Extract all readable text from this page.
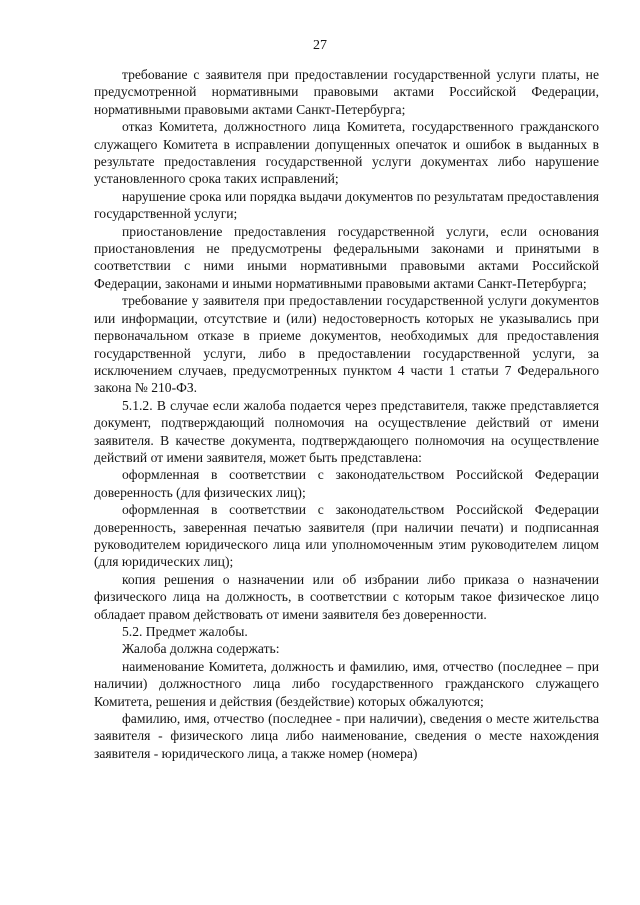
27

требование с заявителя при предоставлении государственной услуги платы, не предусмотренной нормативными правовыми актами Российской Федерации, нормативными правовыми актами Санкт-Петербурга;

отказ Комитета, должностного лица Комитета, государственного гражданского служащего Комитета в исправлении допущенных опечаток и ошибок в выданных в результате предоставления государственной услуги документах либо нарушение установленного срока таких исправлений;

нарушение срока или порядка выдачи документов по результатам предоставления государственной услуги;

приостановление предоставления государственной услуги, если основания приостановления не предусмотрены федеральными законами и принятыми в соответствии с ними иными нормативными правовыми актами Российской Федерации, законами и иными нормативными правовыми актами Санкт-Петербурга;

требование у заявителя при предоставлении государственной услуги документов или информации, отсутствие и (или) недостоверность которых не указывались при первоначальном отказе в приеме документов, необходимых для предоставления государственной услуги, либо в предоставлении государственной услуги, за исключением случаев, предусмотренных пунктом 4 части 1 статьи 7 Федерального закона № 210-ФЗ.

5.1.2. В случае если жалоба подается через представителя, также представляется документ, подтверждающий полномочия на осуществление действий от имени заявителя. В качестве документа, подтверждающего полномочия на осуществление действий от имени заявителя, может быть представлена:

оформленная в соответствии с законодательством Российской Федерации доверенность (для физических лиц);

оформленная в соответствии с законодательством Российской Федерации доверенность, заверенная печатью заявителя (при наличии печати) и подписанная руководителем юридического лица или уполномоченным этим руководителем лицом (для юридических лиц);

копия решения о назначении или об избрании либо приказа о назначении физического лица на должность, в соответствии с которым такое физическое лицо обладает правом действовать от имени заявителя без доверенности.

5.2. Предмет жалобы.

Жалоба должна содержать:

наименование Комитета, должность и фамилию, имя, отчество (последнее – при наличии) должностного лица либо государственного гражданского служащего Комитета, решения и действия (бездействие) которых обжалуются;

фамилию, имя, отчество (последнее - при наличии), сведения о месте жительства заявителя - физического лица либо наименование, сведения о месте нахождения заявителя - юридического лица, а также номер (номера)
